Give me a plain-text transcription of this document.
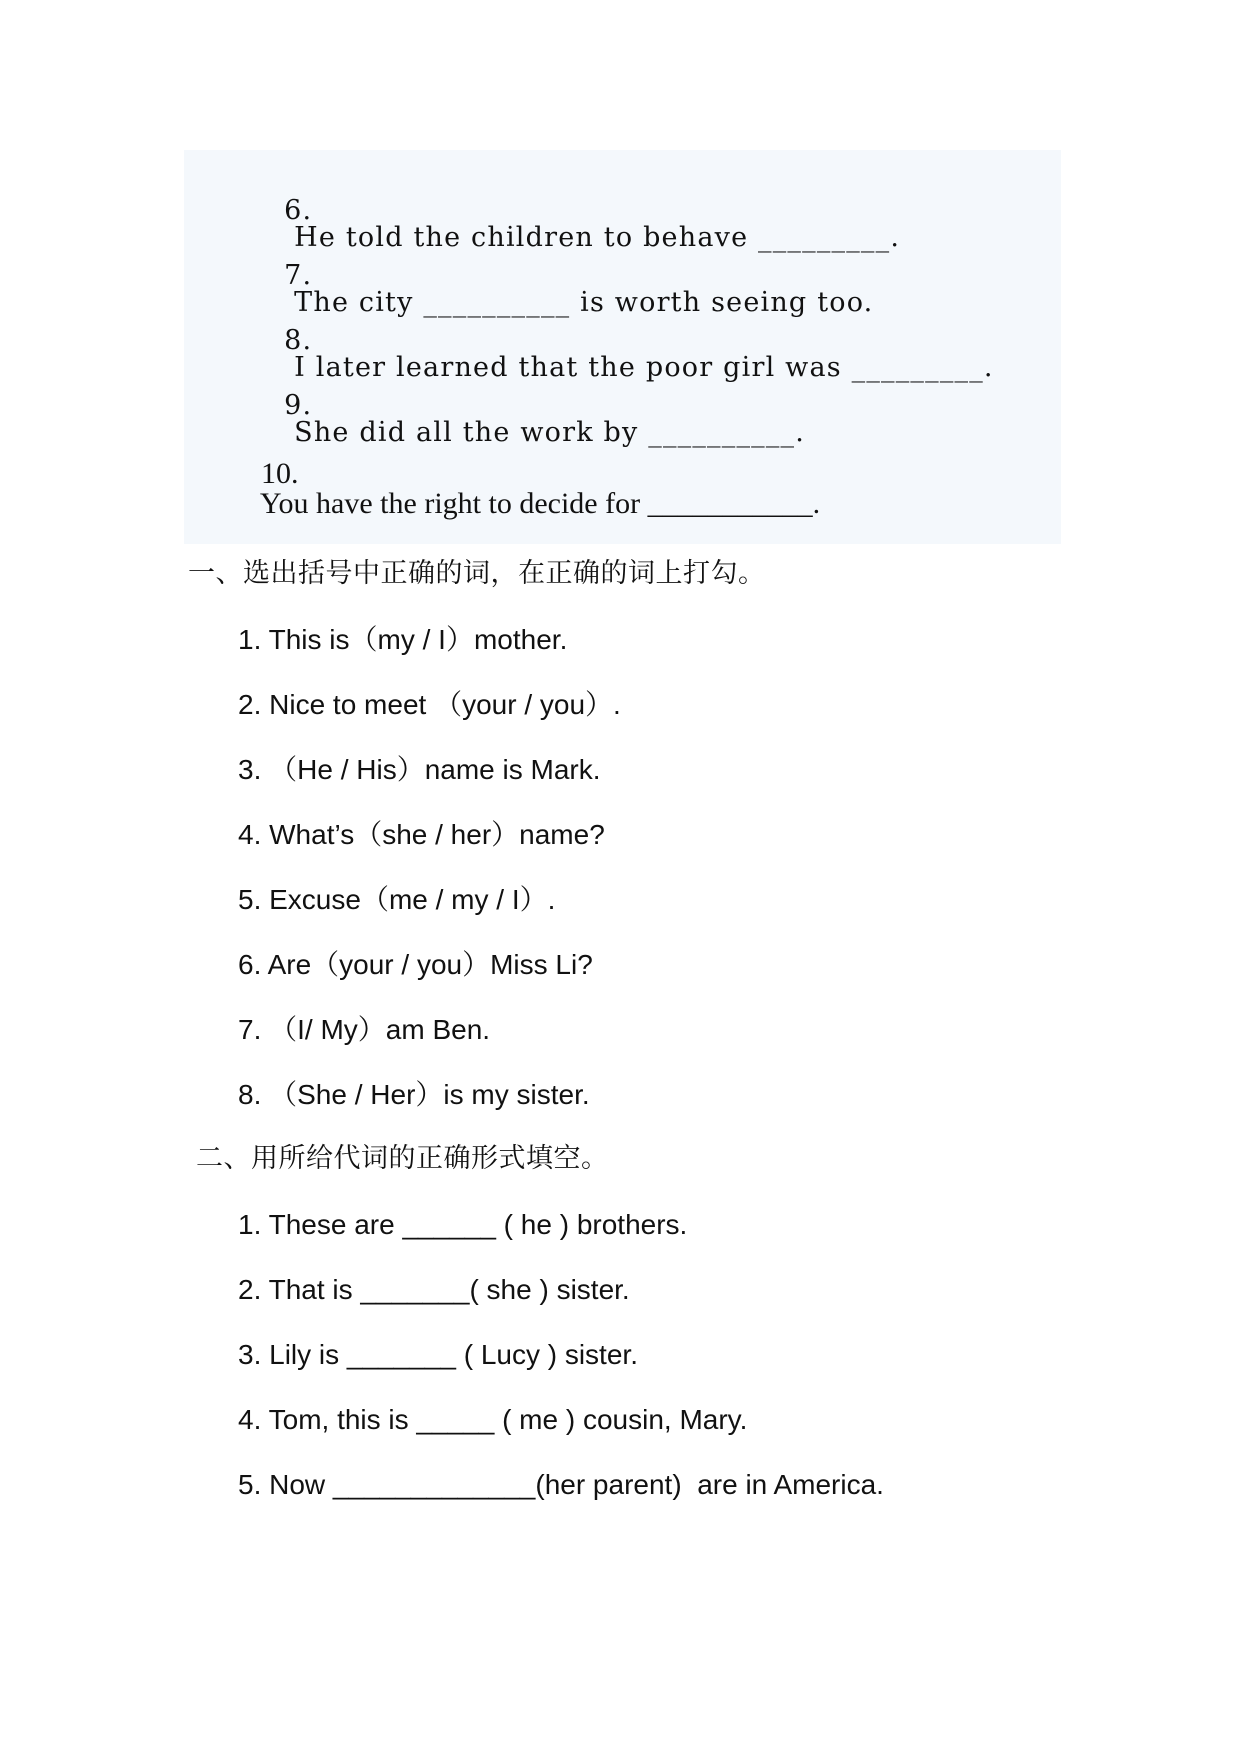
6.
He told the children to behave _________.

7.
The city __________ is worth seeing too.

8.
I later learned that the poor girl was _________.

9.
She did all the work by __________.

10.
You have the right to decide for ___________.

一、选出括号中正确的词，在正确的词上打勾。
1. This is（my / I）mother.
2. Nice to meet （your / you）.
3. （He / His）name is Mark.
4. What’s（she / her）name?
5. Excuse（me / my / I）.
6. Are（your / you）Miss Li?
7. （I/ My）am Ben.
8. （She / Her）is my sister.
二、用所给代词的正确形式填空。
1. These are ______ ( he ) brothers.
2. That is _______( she ) sister.
3. Lily is _______ ( Lucy ) sister.
4. Tom, this is _____ ( me ) cousin, Mary.
5. Now _____________(her parent)  are in America.
